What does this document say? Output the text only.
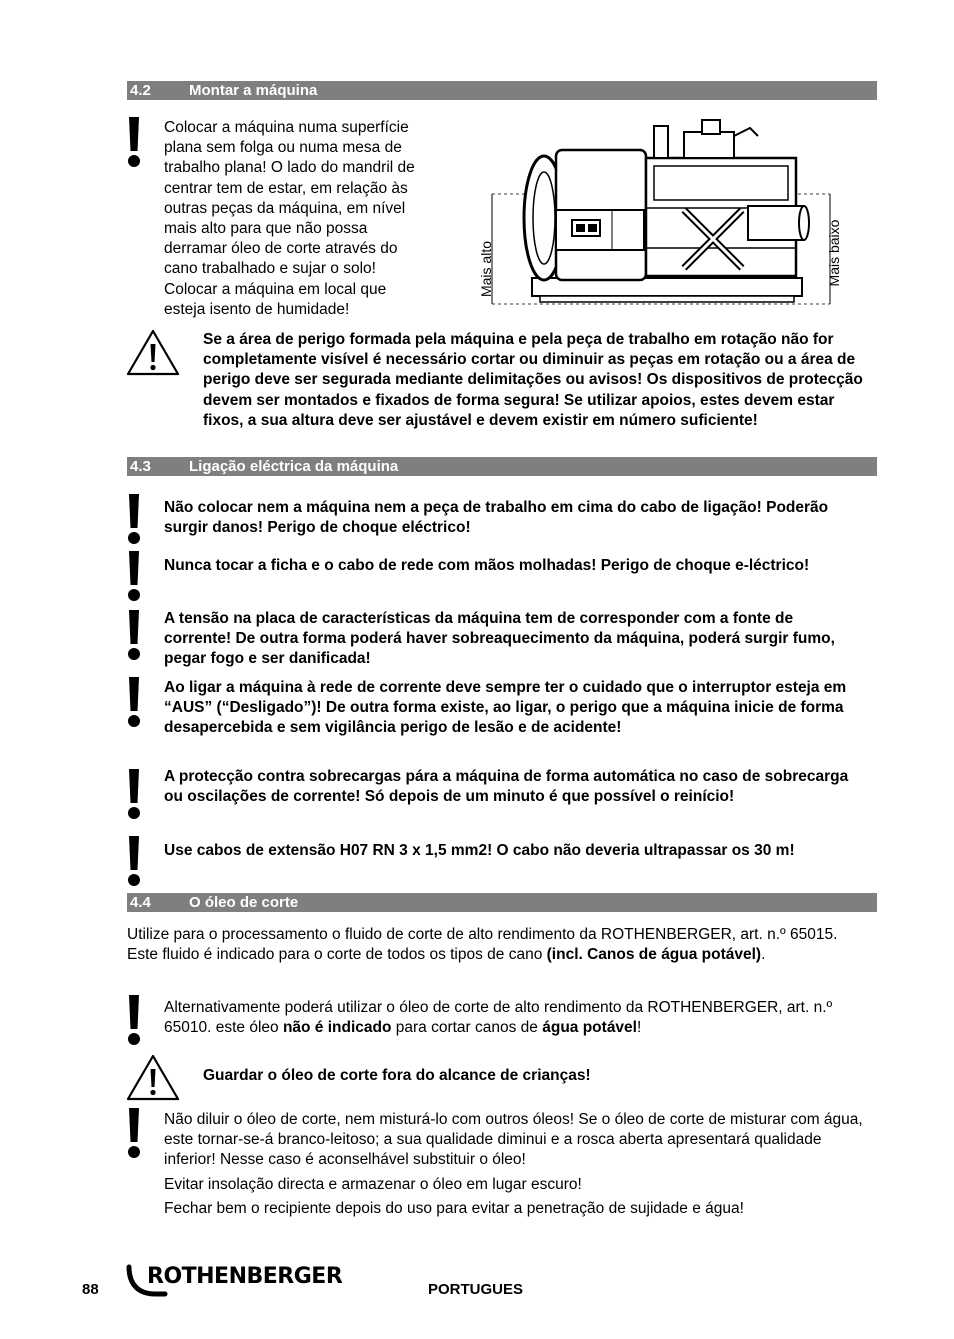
4.2	Montar a máquina
Colocar a máquina numa superfície
plana sem folga ou numa mesa de
trabalho plana! O lado do mandril de
centrar tem de estar, em relação às
outras peças da máquina, em nível
mais alto para que não possa
derramar óleo de corte através do
cano trabalhado e sujar o solo!
Colocar a máquina em local que
esteja isento de humidade!
Mais alto	Mais baixo
Se a área de perigo formada pela máquina e pela peça de trabalho em rotação não for completamente visível é necessário cortar ou diminuir as peças em rotação ou a área de perigo deve ser segurada mediante delimitações ou avisos! Os dispositivos de protecção devem ser montados e fixados de forma segura! Se utilizar apoios, estes devem estar fixos, a sua altura deve ser ajustável e devem existir em número suficiente!
4.3	Ligação eléctrica da máquina
Não colocar nem a máquina nem a peça de trabalho em cima do cabo de ligação! Poderão surgir danos! Perigo de choque eléctrico!
Nunca tocar a ficha e o cabo de rede com mãos molhadas! Perigo de choque e-léctrico!
A tensão na placa de características da máquina tem de corresponder com a fonte de corrente! De outra forma poderá haver sobreaquecimento da máquina, poderá surgir fumo, pegar fogo e ser danificada!
Ao ligar a máquina à rede de corrente deve sempre ter o cuidado que o interruptor esteja em “AUS” (“Desligado”)! De outra forma existe, ao ligar, o perigo que a máquina inicie de forma desapercebida e sem vigilância perigo de lesão e de acidente!
A protecção contra sobrecargas pára a máquina de forma automática no caso de sobrecarga ou oscilações de corrente! Só depois de um minuto é que possível o reinício!
Use cabos de extensão H07 RN 3 x 1,5 mm2! O cabo não deveria ultrapassar os 30 m!
4.4	O óleo de corte
Utilize para o processamento o fluido de corte de alto rendimento da ROTHENBERGER, art. n.º 65015. Este fluido é indicado para o corte de todos os tipos de cano (incl. Canos de água potável).
Alternativamente poderá utilizar o óleo de corte de alto rendimento da ROTHENBERGER, art. n.º 65010. este óleo não é indicado para cortar canos de água potável!
Guardar o óleo de corte fora do alcance de crianças!
Não diluir o óleo de corte, nem misturá-lo com outros óleos! Se o óleo de corte de misturar com água, este tornar-se-á branco-leitoso; a sua qualidade diminui e a rosca aberta apresentará qualidade inferior! Nesse caso é aconselhável substituir o óleo!
Evitar insolação directa e armazenar o óleo em lugar escuro!
Fechar bem o recipiente depois do uso para evitar a penetração de sujidade e água!
88
ROTHENBERGER
PORTUGUES
